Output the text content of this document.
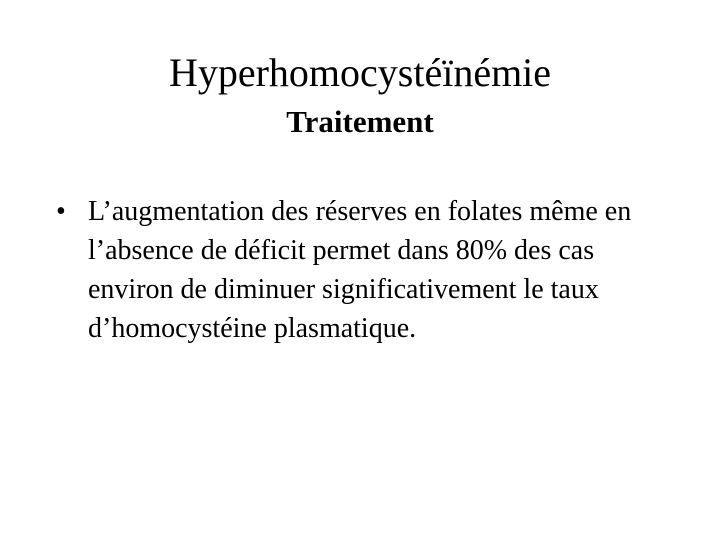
Hyperhomocystéïnémie
Traitement
• L’augmentation des réserves en folates même en l’absence de déficit permet dans 80% des cas environ de diminuer significativement le taux d’homocystéine plasmatique.
